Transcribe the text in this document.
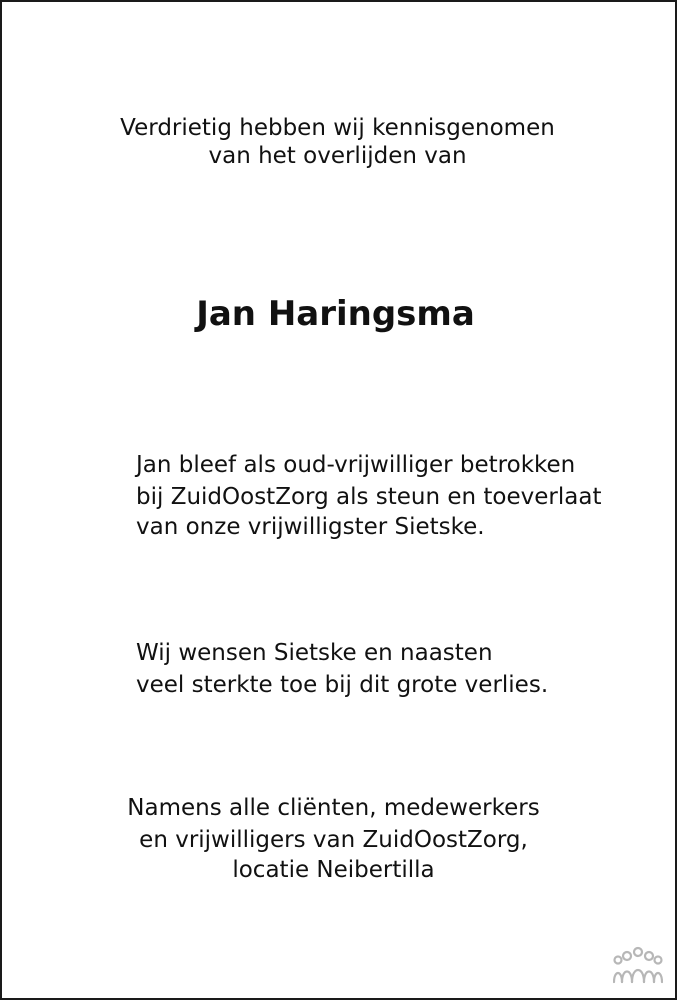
Verdrietig hebben wij kennisgenomen
van het overlijden van
Jan Haringsma
Jan bleef als oud-vrijwilliger betrokken
bij ZuidOostZorg als steun en toeverlaat
van onze vrijwilligster Sietske.
Wij wensen Sietske en naasten
veel sterkte toe bij dit grote verlies.
Namens alle cliënten, medewerkers
en vrijwilligers van ZuidOostZorg,
locatie Neibertilla
